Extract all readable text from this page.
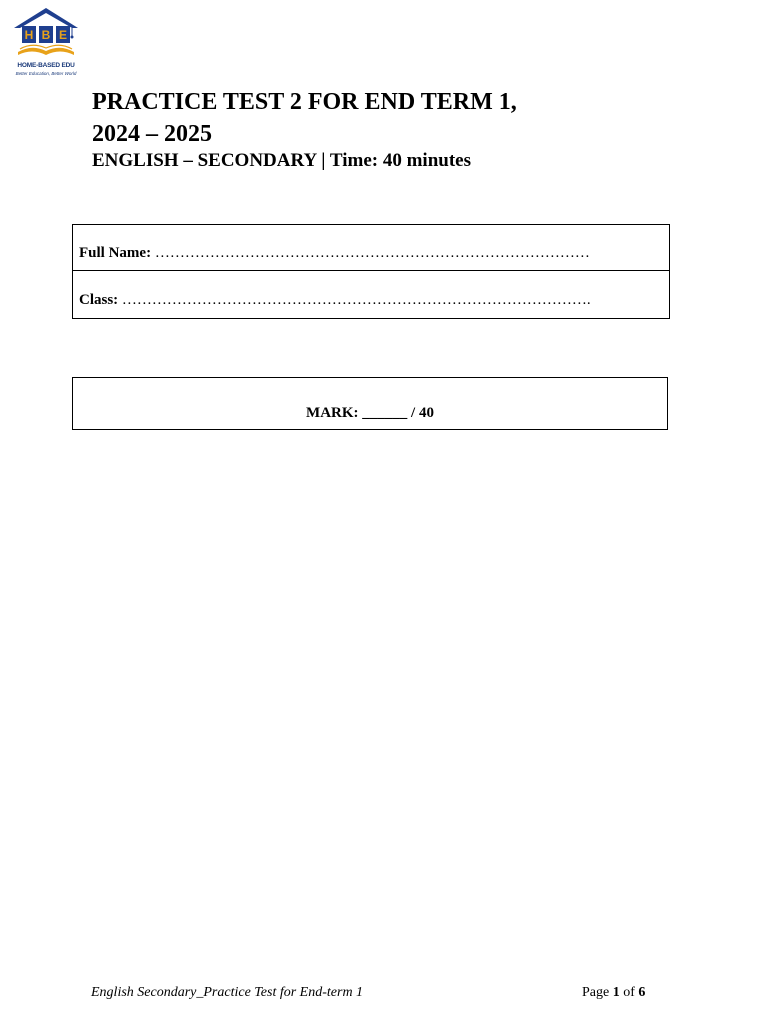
H B E
HOME-BASED EDU
Better Education, Better World
PRACTICE TEST 2 FOR END TERM 1,
2024 – 2025
ENGLISH – SECONDARY | Time: 40 minutes
Full Name: ……………………………………………………………………………
Class: ………………………………………………………………………………….
MARK: ______ / 40
English Secondary_Practice Test for End-term 1	Page 1 of 6
